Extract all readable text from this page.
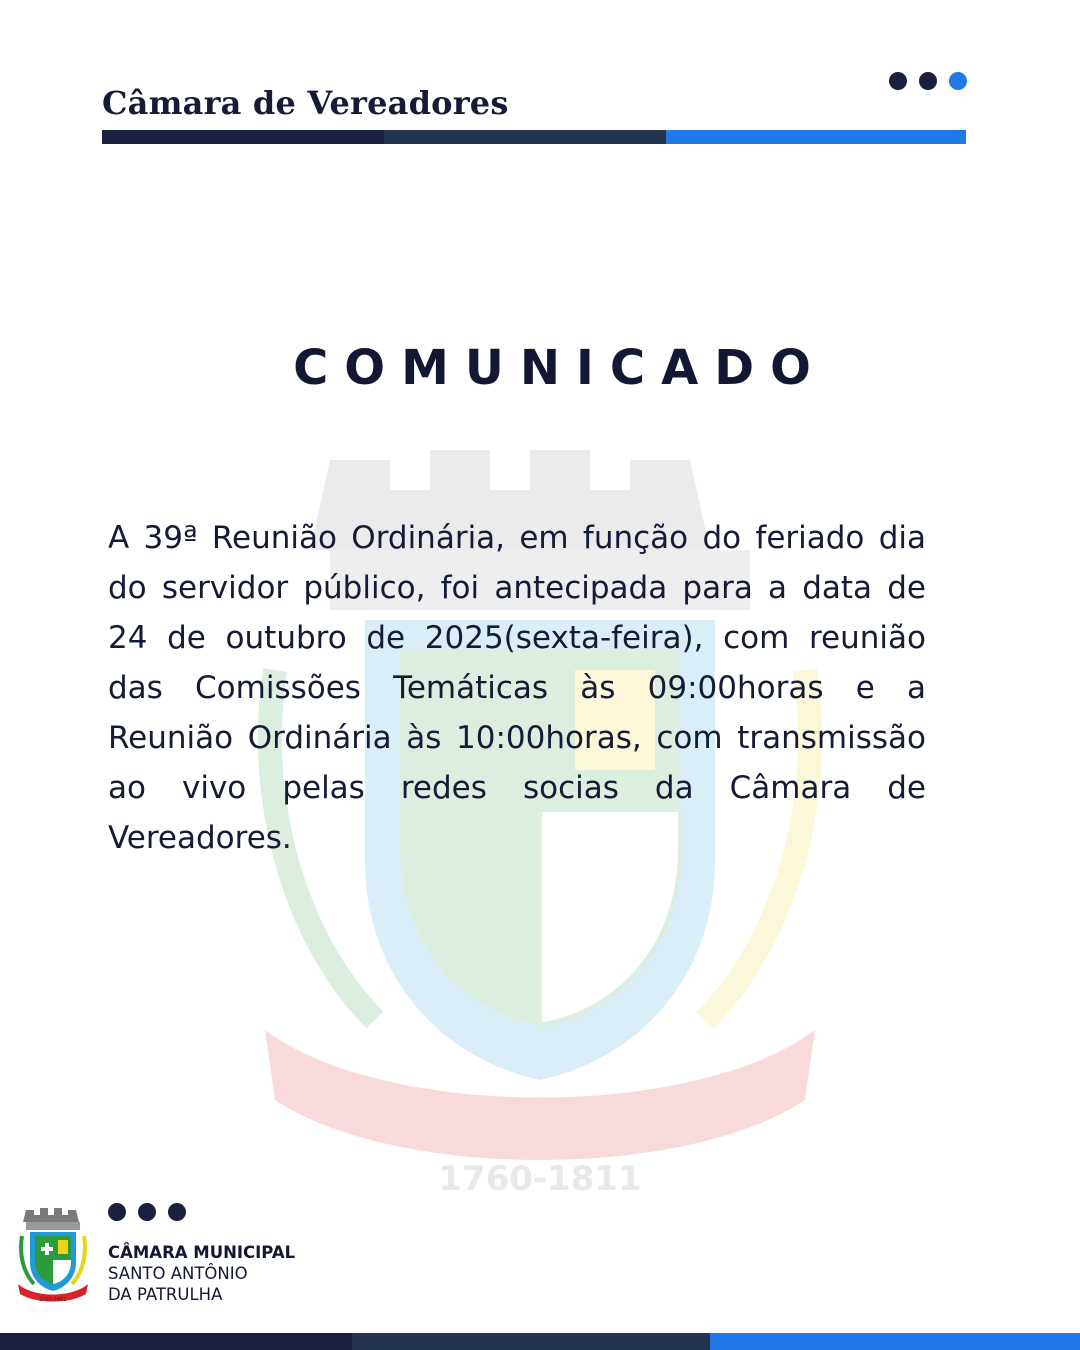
Câmara de Vereadores
1760-1811
COMUNICADO

A 39ª Reunião Ordinária, em função do feriado dia do servidor público, foi antecipada para a data de 24 de outubro de 2025(sexta-feira), com reunião das Comissões Temáticas às 09:00horas e a Reunião Ordinária às 10:00horas, com transmissão ao vivo pelas redes socias da Câmara de Vereadores.

1760-1811
CÂMARA MUNICIPAL
SANTO ANTÔNIO
DA PATRULHA
